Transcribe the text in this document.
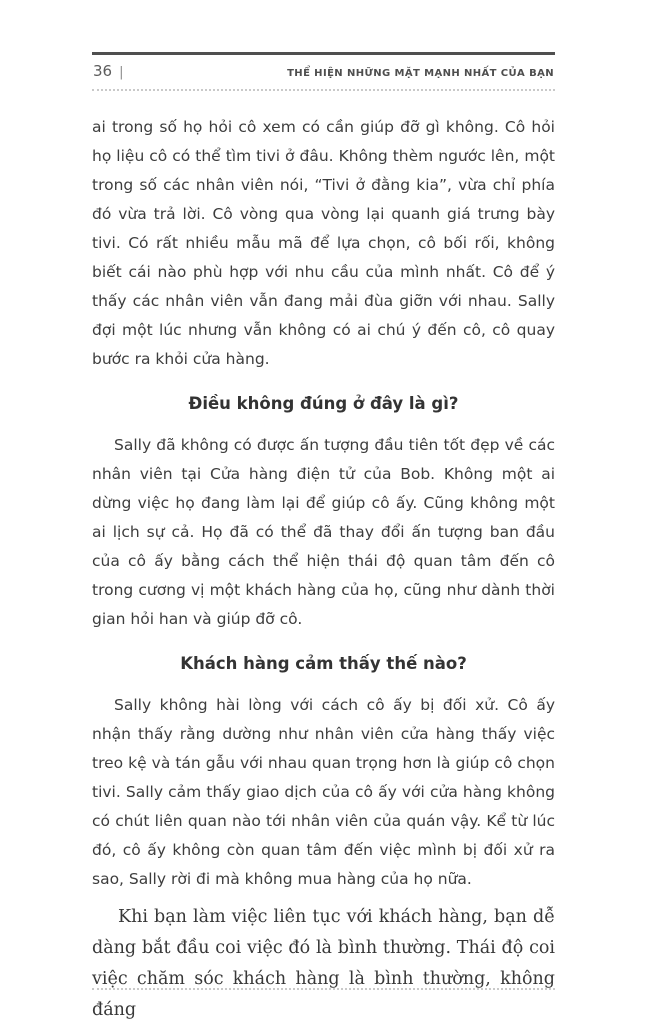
36 |	THỂ HIỆN NHỮNG MẶT MẠNH NHẤT CỦA BẠN

ai trong số họ hỏi cô xem có cần giúp đỡ gì không. Cô hỏi họ liệu cô có thể tìm tivi ở đâu. Không thèm ngước lên, một trong số các nhân viên nói, “Tivi ở đằng kia”, vừa chỉ phía đó vừa trả lời. Cô vòng qua vòng lại quanh giá trưng bày tivi. Có rất nhiều mẫu mã để lựa chọn, cô bối rối, không biết cái nào phù hợp với nhu cầu của mình nhất. Cô để ý thấy các nhân viên vẫn đang mải đùa giỡn với nhau. Sally đợi một lúc nhưng vẫn không có ai chú ý đến cô, cô quay bước ra khỏi cửa hàng.

Điều không đúng ở đây là gì?

Sally đã không có được ấn tượng đầu tiên tốt đẹp về các nhân viên tại Cửa hàng điện tử của Bob. Không một ai dừng việc họ đang làm lại để giúp cô ấy. Cũng không một ai lịch sự cả. Họ đã có thể đã thay đổi ấn tượng ban đầu của cô ấy bằng cách thể hiện thái độ quan tâm đến cô trong cương vị một khách hàng của họ, cũng như dành thời gian hỏi han và giúp đỡ cô.

Khách hàng cảm thấy thế nào?

Sally không hài lòng với cách cô ấy bị đối xử. Cô ấy nhận thấy rằng dường như nhân viên cửa hàng thấy việc treo kệ và tán gẫu với nhau quan trọng hơn là giúp cô chọn tivi. Sally cảm thấy giao dịch của cô ấy với cửa hàng không có chút liên quan nào tới nhân viên của quán vậy. Kể từ lúc đó, cô ấy không còn quan tâm đến việc mình bị đối xử ra sao, Sally rời đi mà không mua hàng của họ nữa.

Khi bạn làm việc liên tục với khách hàng, bạn dễ dàng bắt đầu coi việc đó là bình thường. Thái độ coi việc chăm sóc khách hàng là bình thường, không đáng
